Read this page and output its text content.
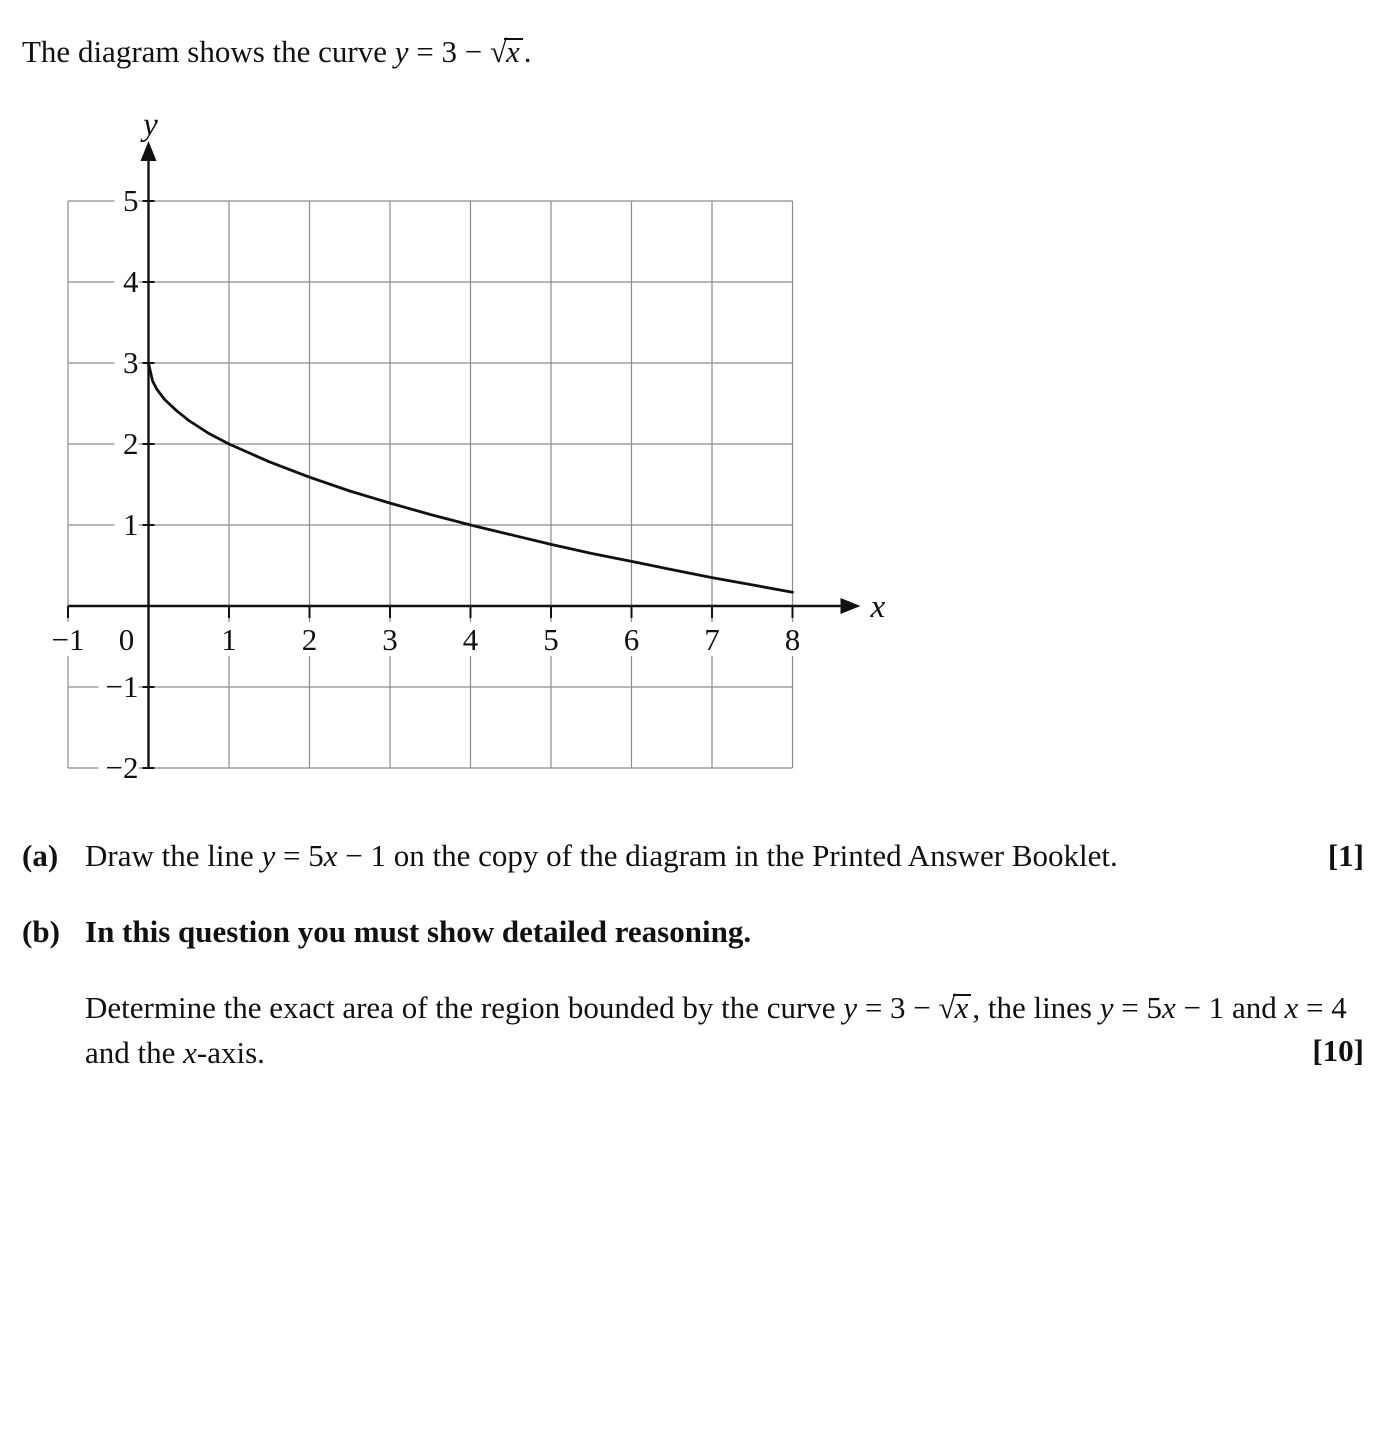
The diagram shows the curve y = 3 − √x .

−1 0	1 2 3 4 5 6 7 8
−2
−1
1
2
3
4
5
y
x
(a) Draw the line y = 5x − 1 on the copy of the diagram in the Printed Answer Booklet.	[1]
(b) In this question you must show detailed reasoning.
Determine the exact area of the region bounded by the curve y = 3 − √x , the lines y = 5x − 1 and x = 4 and the x-axis.	[10]
